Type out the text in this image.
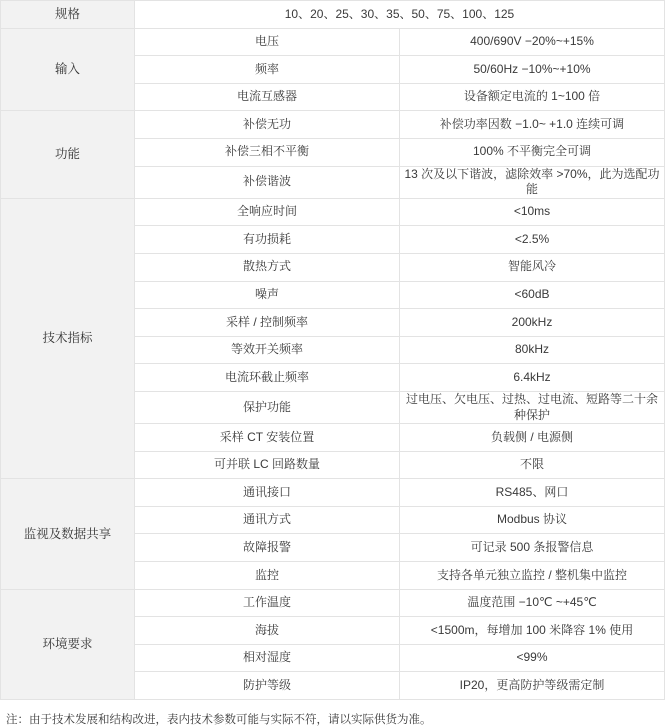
规格	10、20、25、30、35、50、75、100、125	
输入	电压	400/690V −20%~+15%
	频率	50/60Hz −10%~+10%
	电流互感器	设备额定电流的 1~100 倍
功能	补偿无功	补偿功率因数 −1.0~ +1.0 连续可调
	补偿三相不平衡	100% 不平衡完全可调
	补偿谐波	13 次及以下谐波，滤除效率 >70%，此为选配功能
技术指标	全响应时间	<10ms
	有功损耗	<2.5%
	散热方式	智能风冷
	噪声	<60dB
	采样 / 控制频率	200kHz
	等效开关频率	80kHz
	电流环截止频率	6.4kHz
	保护功能	过电压、欠电压、过热、过电流、短路等二十余种保护
	采样 CT 安装位置	负载侧 / 电源侧
	可并联 LC 回路数量	不限
监视及数据共享	通讯接口	RS485、网口
	通讯方式	Modbus 协议
	故障报警	可记录 500 条报警信息
	监控	支持各单元独立监控 / 整机集中监控
环境要求	工作温度	温度范围 −10℃ ~+45℃
	海拔	<1500m，每增加 100 米降容 1% 使用
	相对湿度	<99%
	防护等级	IP20，更高防护等级需定制
注：由于技术发展和结构改进，表内技术参数可能与实际不符，请以实际供货为准。
